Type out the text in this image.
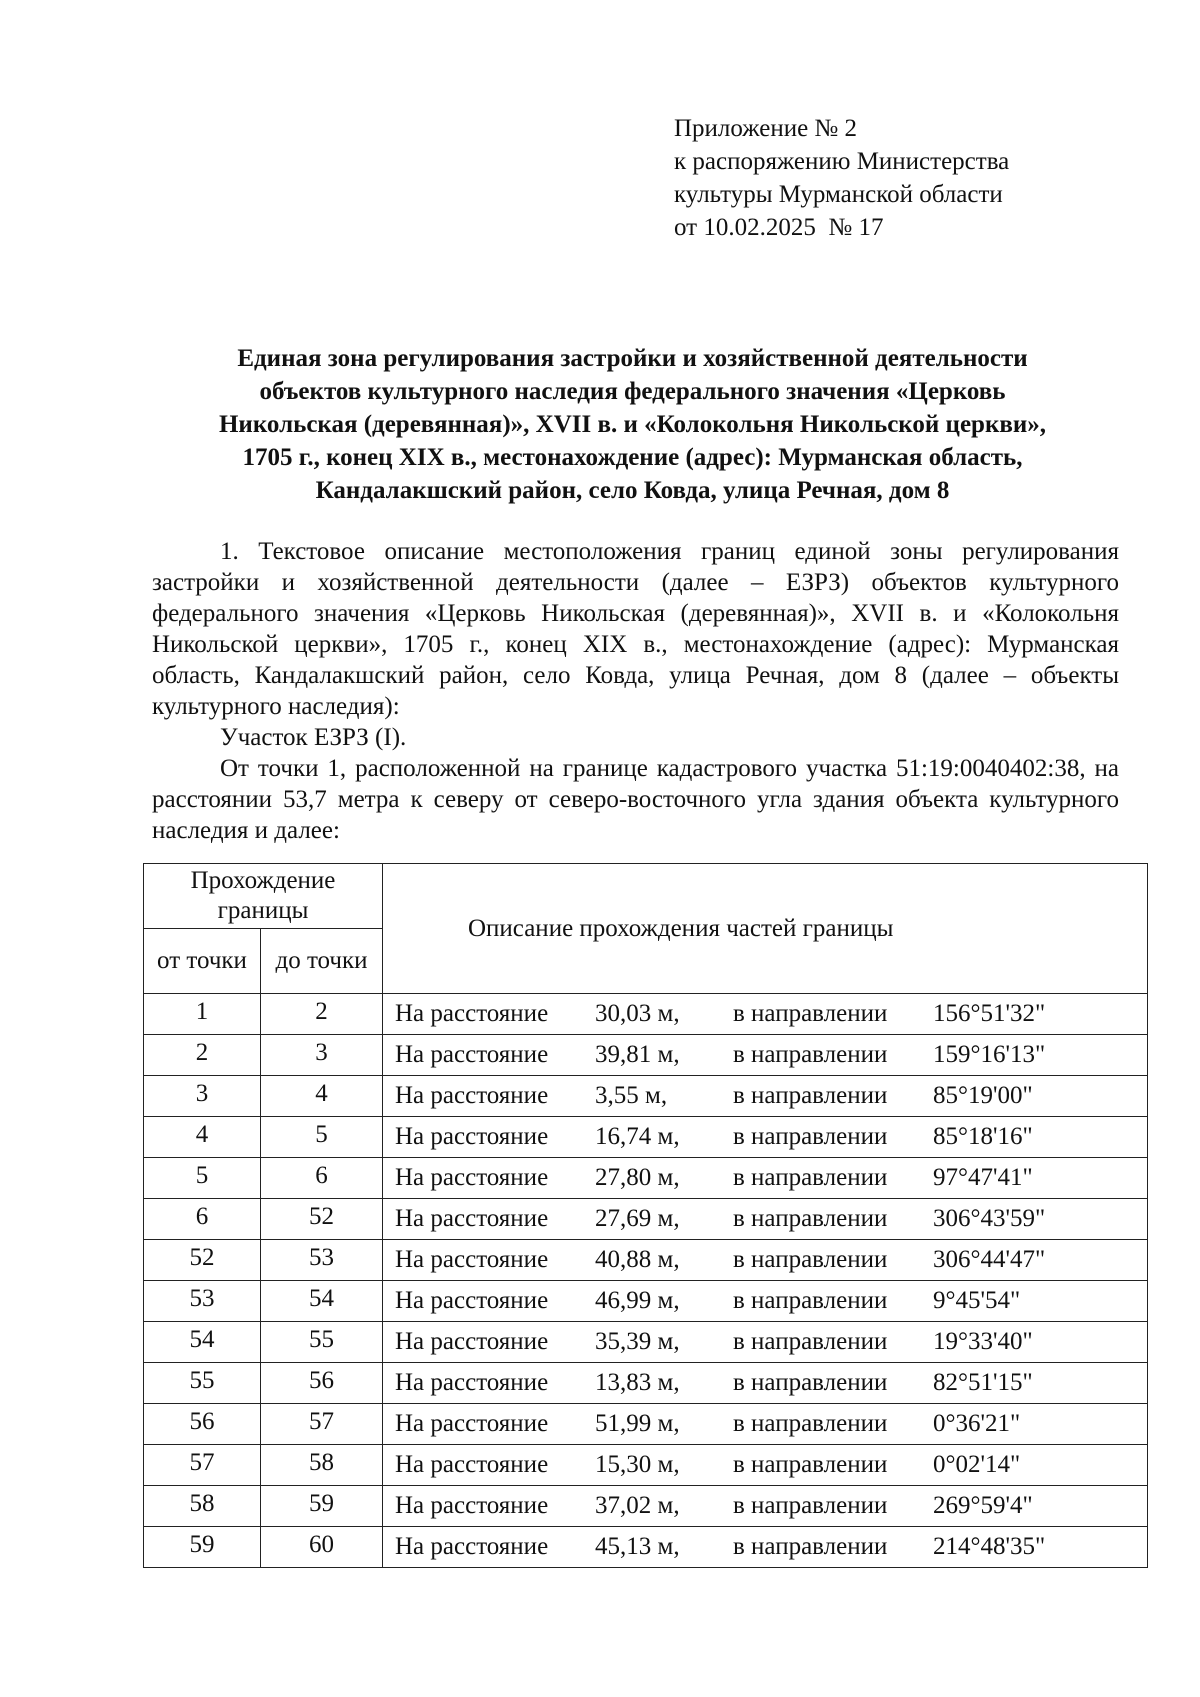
Приложение № 2
к распоряжению Министерства
культуры Мурманской области
от 10.02.2025  № 17
Единая зона регулирования застройки и хозяйственной деятельности
объектов культурного наследия федерального значения «Церковь
Никольская (деревянная)», XVII в. и «Колокольня Никольской церкви»,
1705 г., конец XIX в., местонахождение (адрес): Мурманская область,
Кандалакшский район, село Ковда, улица Речная, дом 8

1. Текстовое описание местоположения границ единой зоны регулирования застройки и хозяйственной деятельности (далее – ЕЗРЗ) объектов культурного федерального значения «Церковь Никольская (деревянная)», XVII в. и «Колокольня Никольской церкви», 1705 г., конец XIX в., местонахождение (адрес): Мурманская область, Кандалакшский район, село Ковда, улица Речная, дом 8 (далее – объекты культурного наследия):

Участок ЕЗРЗ (I).

От точки 1, расположенной на границе кадастрового участка 51:19:0040402:38, на расстоянии 53,7 метра к северу от северо-восточного угла здания объекта культурного наследия и далее:

Прохождение границы		Описание прохождения частей границы
от точки	до точки	
1	2	На расстояние 30,03 м, в направлении 156°51'32"
2	3	На расстояние 39,81 м, в направлении 159°16'13"
3	4	На расстояние 3,55 м, в направлении 85°19'00"
4	5	На расстояние 16,74 м, в направлении 85°18'16"
5	6	На расстояние 27,80 м, в направлении 97°47'41"
6	52	На расстояние 27,69 м, в направлении 306°43'59"
52	53	На расстояние 40,88 м, в направлении 306°44'47"
53	54	На расстояние 46,99 м, в направлении 9°45'54"
54	55	На расстояние 35,39 м, в направлении 19°33'40"
55	56	На расстояние 13,83 м, в направлении 82°51'15"
56	57	На расстояние 51,99 м, в направлении 0°36'21"
57	58	На расстояние 15,30 м, в направлении 0°02'14"
58	59	На расстояние 37,02 м, в направлении 269°59'4"
59	60	На расстояние 45,13 м, в направлении 214°48'35"
